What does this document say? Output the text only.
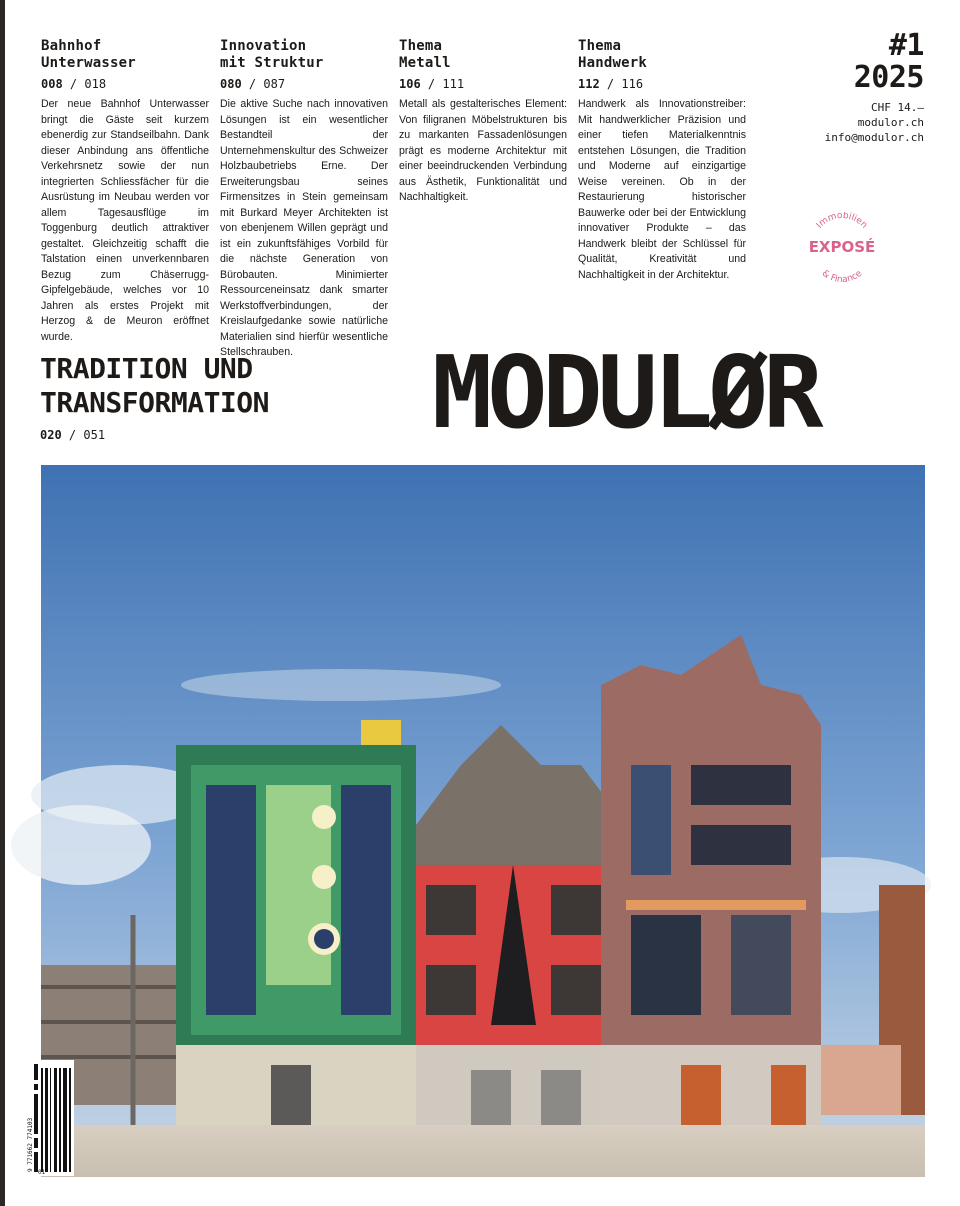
Bahnhof
Unterwasser
008 / 018
Der neue Bahnhof Unterwasser bringt die Gäste seit kurzem ebenerdig zur Standseilbahn. Dank dieser Anbindung ans öffentliche Verkehrsnetz sowie der nun integrierten Schliessfächer für die Ausrüstung im Neubau werden vor allem Tagesausflüge im Toggenburg deutlich attraktiver gestaltet. Gleichzeitig schafft die Talstation einen unverkennbaren Bezug zum Chäserrugg-Gipfelgebäude, welches vor 10 Jahren als erstes Projekt mit Herzog & de Meuron eröffnet wurde.
Innovation
mit Struktur
080 / 087
Die aktive Suche nach innovativen Lösungen ist ein wesentlicher Bestandteil der Unternehmenskultur des Schweizer Holzbaubetriebs Erne. Der Erweiterungsbau seines Firmensitzes in Stein gemeinsam mit Burkard Meyer Architekten ist von ebenjenem Willen geprägt und ist ein zukunftsfähiges Vorbild für die nächste Generation von Bürobauten. Minimierter Ressourceneinsatz dank smarter Werkstoffverbindungen, der Kreislaufgedanke sowie natürliche Materialien sind hierfür wesentliche Stellschrauben.
Thema
Metall
106 / 111
Metall als gestalterisches Element: Von filigranen Möbelstrukturen bis zu markanten Fassadenlösungen prägt es moderne Architektur mit einer beeindruckenden Verbindung aus Ästhetik, Funktionalität und Nachhaltigkeit.
Thema
Handwerk
112 / 116
Handwerk als Innovationstreiber: Mit handwerklicher Präzision und einer tiefen Materialkenntnis entstehen Lösungen, die Tradition und Moderne auf einzigartige Weise vereinen. Ob in der Restaurierung historischer Bauwerke oder bei der Entwicklung innovativer Produkte – das Handwerk bleibt der Schlüssel für Qualität, Kreativität und Nachhaltigkeit in der Architektur.
#1
2025
CHF 14.–
modulor.ch
info@modulor.ch
Immobilien
EXPOSÉ
& Finance
TRADITION UND
TRANSFORMATION
020 / 051	MODULØR
9 771662 774103
01
